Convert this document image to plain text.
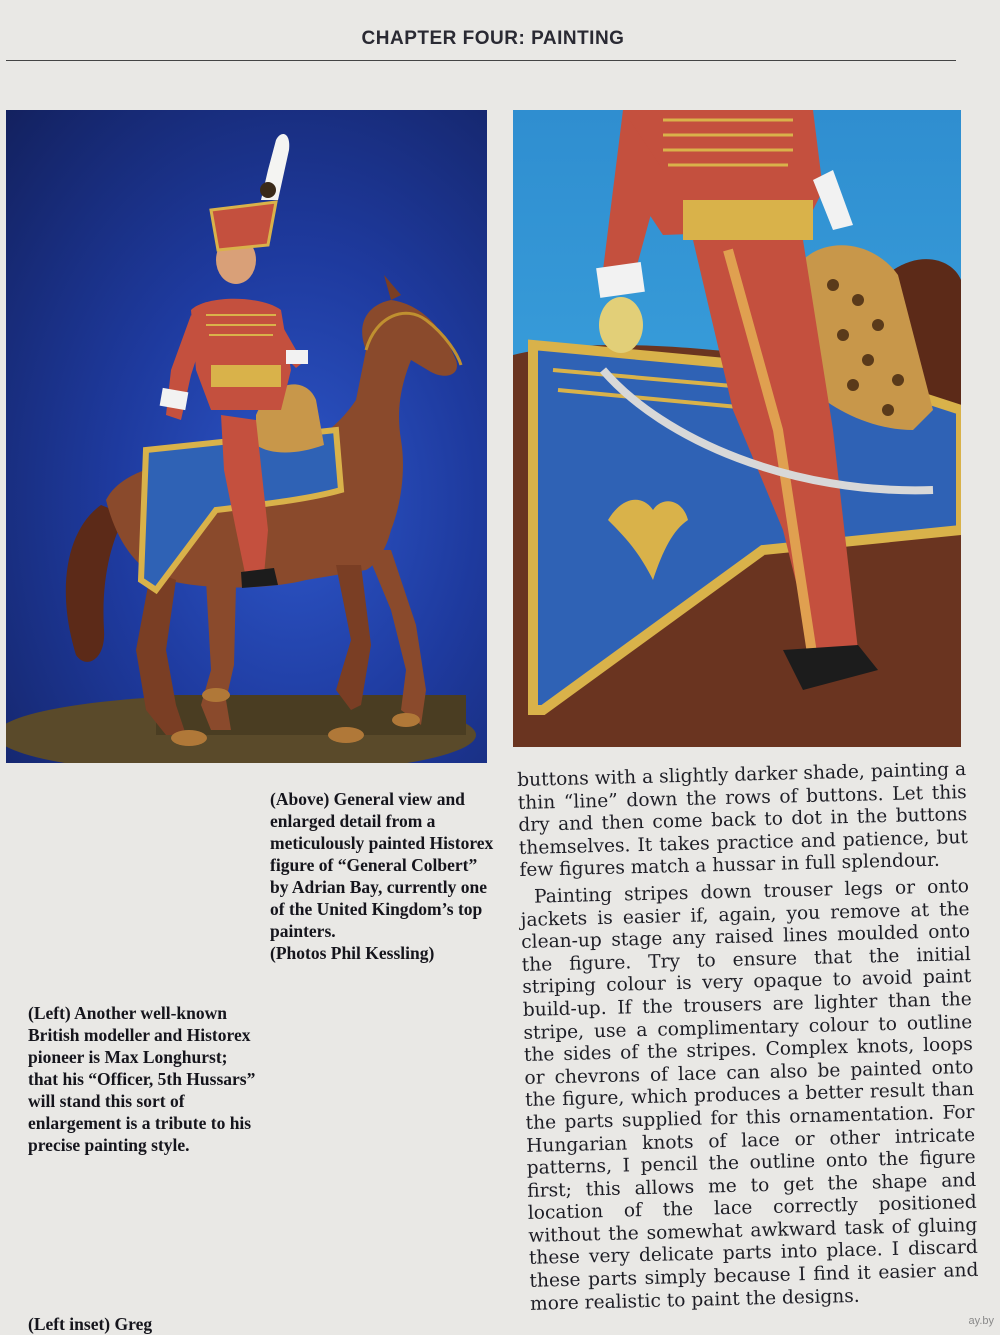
CHAPTER FOUR: PAINTING
(Above) General view and enlarged detail from a meticulously painted Historex figure of “General Colbert” by Adrian Bay, currently one of the United Kingdom’s top painters.
(Photos Phil Kessling)
(Left) Another well-known British modeller and Historex pioneer is Max Longhurst; that his “Officer, 5th Hussars” will stand this sort of enlargement is a tribute to his precise painting style.
(Left inset) Greg

buttons with a slightly darker shade, painting a thin “line” down the rows of buttons. Let this dry and then come back to dot in the buttons themselves. It takes practice and patience, but few figures match a hussar in full splendour.

Painting stripes down trouser legs or onto jackets is easier if, again, you remove at the clean-up stage any raised lines moulded onto the figure. Try to ensure that the initial striping colour is very opaque to avoid paint build-up. If the trousers are lighter than the stripe, use a complimentary colour to outline the sides of the stripes. Complex knots, loops or chevrons of lace can also be painted onto the figure, which produces a better result than the parts supplied for this ornamentation. For Hungarian knots of lace or other intricate patterns, I pencil the outline onto the figure first; this allows me to get the shape and location of the lace correctly positioned without the somewhat awkward task of gluing these very delicate parts into place. I discard these parts simply because I find it easier and more realistic to paint the designs.

ay.by
